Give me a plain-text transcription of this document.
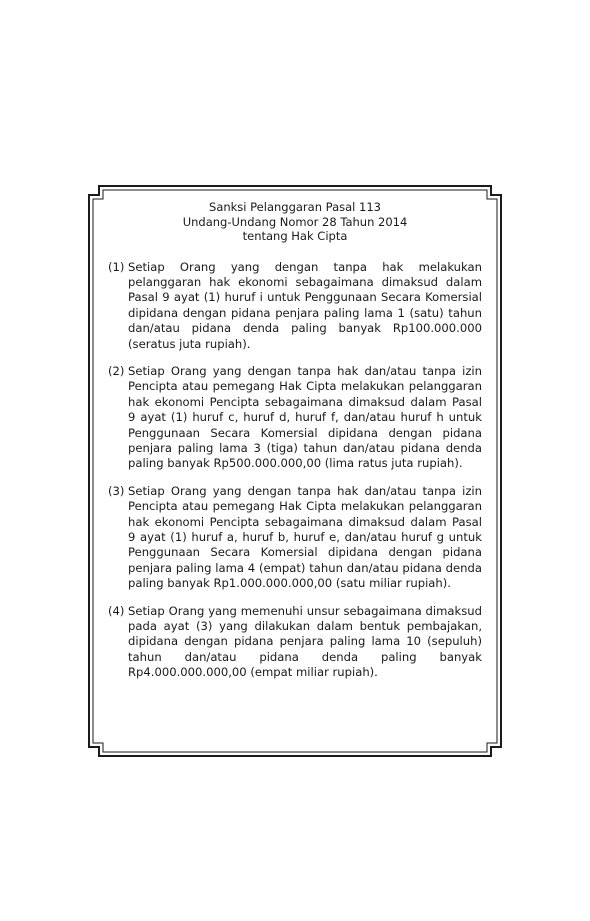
Sanksi Pelanggaran Pasal 113
Undang-Undang Nomor 28 Tahun 2014
tentang Hak Cipta
(1) Setiap Orang yang dengan tanpa hak melakukan pelanggaran hak ekonomi sebagaimana dimaksud dalam Pasal 9 ayat (1) huruf i untuk Penggunaan Secara Komersial dipidana dengan pidana penjara paling lama 1 (satu) tahun dan/atau pidana denda paling banyak Rp100.000.000 (seratus juta rupiah).
(2) Setiap Orang yang dengan tanpa hak dan/atau tanpa izin Pencipta atau pemegang Hak Cipta melakukan pelanggaran hak ekonomi Pencipta sebagaimana dimaksud dalam Pasal 9 ayat (1) huruf c, huruf d, huruf f, dan/atau huruf h untuk Penggunaan Secara Komersial dipidana dengan pidana penjara paling lama 3 (tiga) tahun dan/atau pidana denda paling banyak Rp500.000.000,00 (lima ratus juta rupiah).
(3) Setiap Orang yang dengan tanpa hak dan/atau tanpa izin Pencipta atau pemegang Hak Cipta melakukan pelanggaran hak ekonomi Pencipta sebagaimana dimaksud dalam Pasal 9 ayat (1) huruf a, huruf b, huruf e, dan/atau huruf g untuk Penggunaan Secara Komersial dipidana dengan pidana penjara paling lama 4 (empat) tahun dan/atau pidana denda paling banyak Rp1.000.000.000,00 (satu miliar rupiah).
(4) Setiap Orang yang memenuhi unsur sebagaimana dimaksud pada ayat (3) yang dilakukan dalam bentuk pembajakan, dipidana dengan pidana penjara paling lama 10 (sepuluh) tahun dan/atau pidana denda paling banyak Rp4.000.000.000,00 (empat miliar rupiah).
